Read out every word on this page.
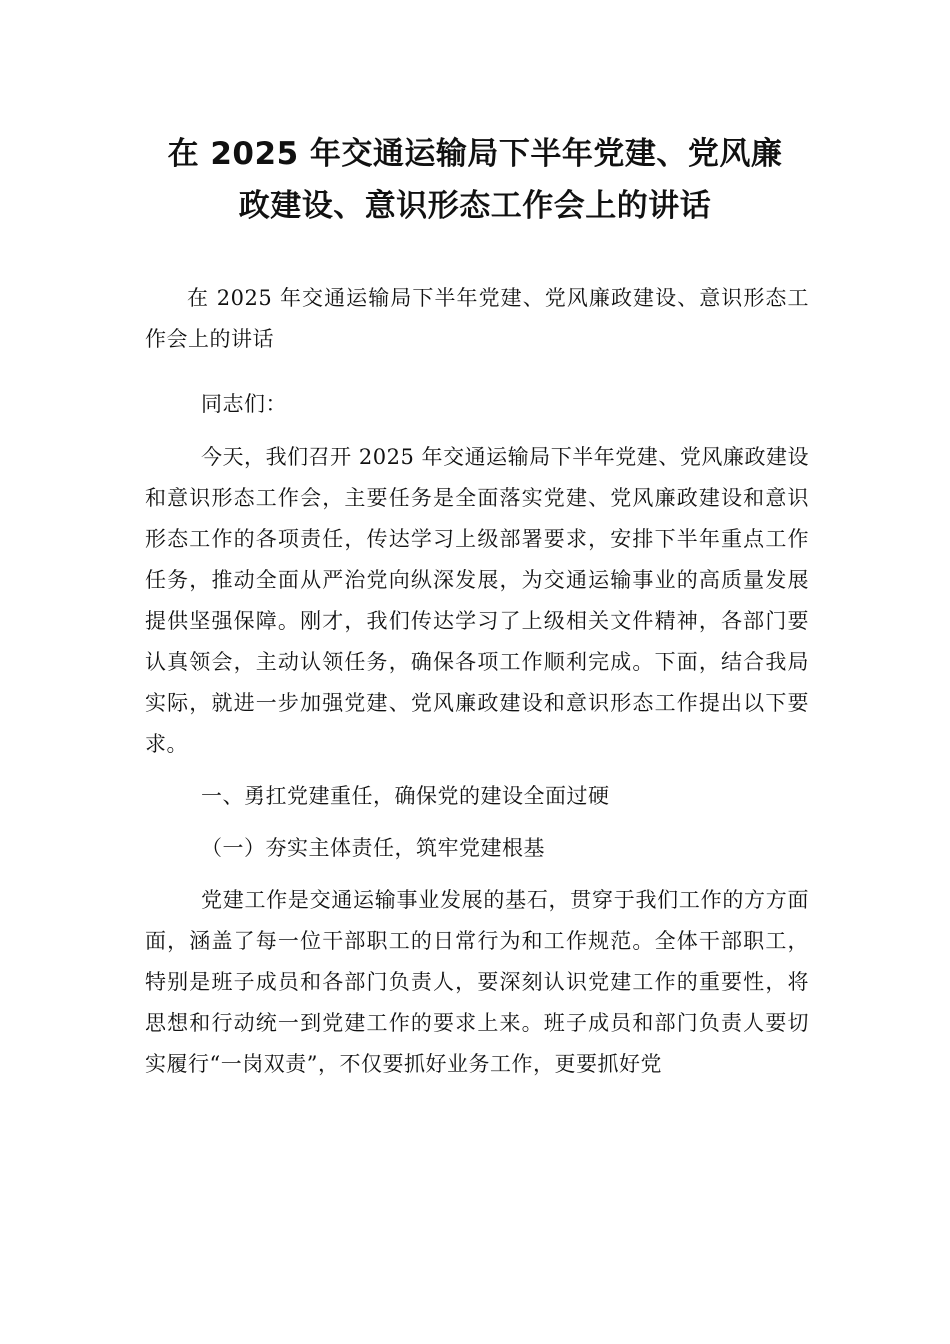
在 2025 年交通运输局下半年党建、党风廉
政建设、意识形态工作会上的讲话

在 2025 年交通运输局下半年党建、党风廉政建设、意识形态工作会上的讲话

同志们：

今天，我们召开 2025 年交通运输局下半年党建、党风廉政建设和意识形态工作会，主要任务是全面落实党建、党风廉政建设和意识形态工作的各项责任，传达学习上级部署要求，安排下半年重点工作任务，推动全面从严治党向纵深发展，为交通运输事业的高质量发展提供坚强保障。刚才，我们传达学习了上级相关文件精神，各部门要认真领会，主动认领任务，确保各项工作顺利完成。下面，结合我局实际，就进一步加强党建、党风廉政建设和意识形态工作提出以下要求。

一、勇扛党建重任，确保党的建设全面过硬

（一）夯实主体责任，筑牢党建根基

党建工作是交通运输事业发展的基石，贯穿于我们工作的方方面面，涵盖了每一位干部职工的日常行为和工作规范。全体干部职工，特别是班子成员和各部门负责人，要深刻认识党建工作的重要性，将思想和行动统一到党建工作的要求上来。班子成员和部门负责人要切实履行“一岗双责”，不仅要抓好业务工作，更要抓好党
